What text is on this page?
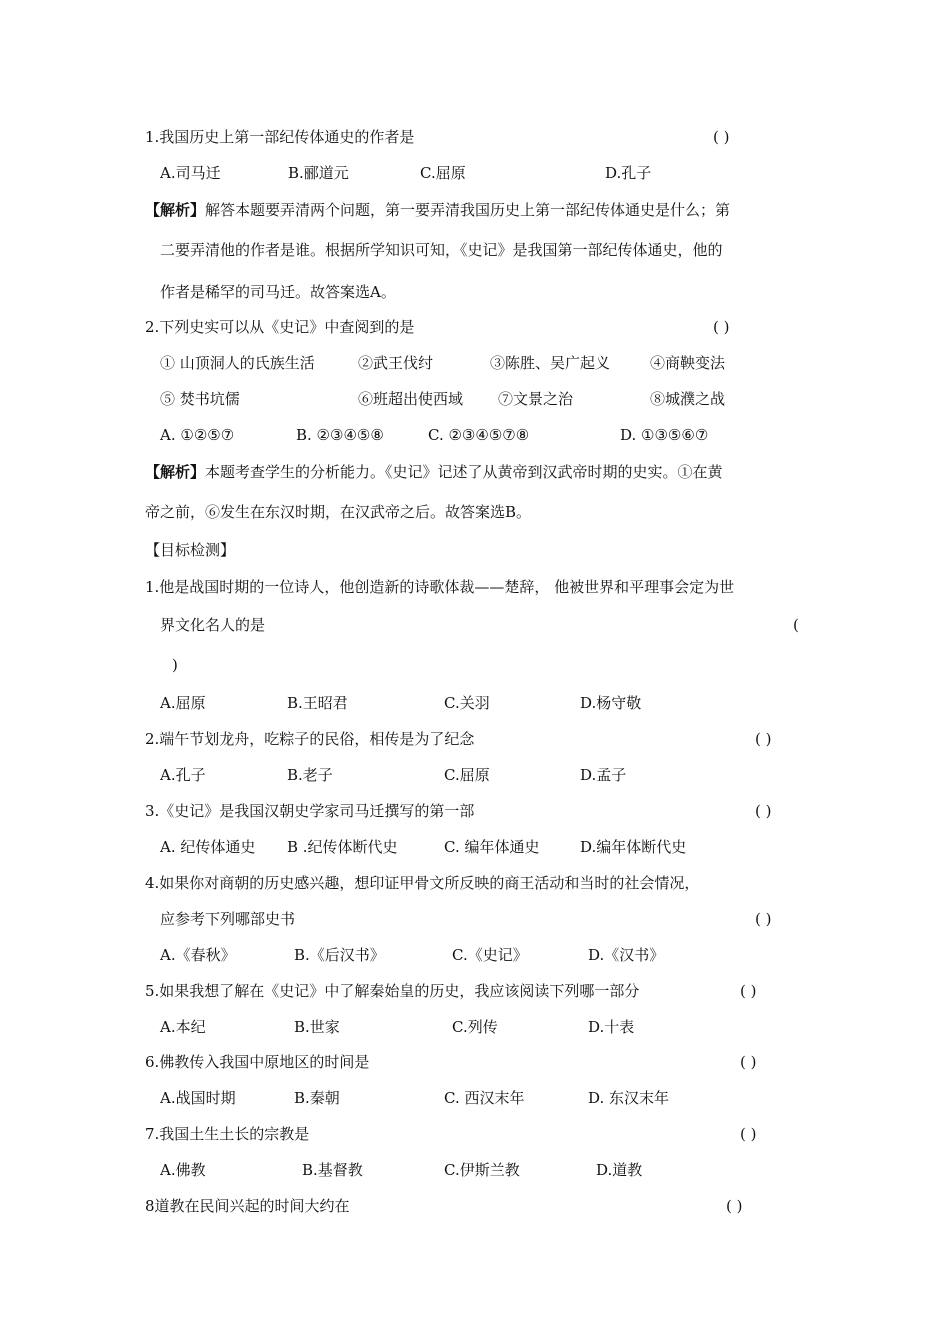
1.我国历史上第一部纪传体通史的作者是	( )
A.司马迁	B.郦道元	C.屈原	D.孔子
【解析】解答本题要弄清两个问题，第一要弄清我国历史上第一部纪传体通史是什么；第
二要弄清他的作者是谁。根据所学知识可知，《史记》是我国第一部纪传体通史，他的
作者是稀罕的司马迁。故答案选A。
2.下列史实可以从《史记》中查阅到的是	( )
① 山顶洞人的氏族生活	②武王伐纣	③陈胜、吴广起义	④商鞅变法
⑤ 焚书坑儒	⑥班超出使西域 ⑦文景之治	⑧城濮之战
A. ①②⑤⑦	B. ②③④⑤⑧	C. ②③④⑤⑦⑧	D. ①③⑤⑥⑦
【解析】本题考查学生的分析能力。《史记》记述了从黄帝到汉武帝时期的史实。①在黄
帝之前，⑥发生在东汉时期，在汉武帝之后。故答案选B。
【目标检测】
1.他是战国时期的一位诗人，他创造新的诗歌体裁——楚辞， 他被世界和平理事会定为世
界文化名人的是	(
)
A.屈原	B.王昭君	C.关羽	D.杨守敬
2.端午节划龙舟，吃粽子的民俗，相传是为了纪念	( )
A.孔子	B.老子	C.屈原	D.孟子
3.《史记》是我国汉朝史学家司马迁撰写的第一部	( )
A. 纪传体通史 B .纪传体断代史	C. 编年体通史	D.编年体断代史
4.如果你对商朝的历史感兴趣，想印证甲骨文所反映的商王活动和当时的社会情况，
应参考下列哪部史书	( )
A.《春秋》	B.《后汉书》	C.《史记》	D.《汉书》
5.如果我想了解在《史记》中了解秦始皇的历史，我应该阅读下列哪一部分	( )
A.本纪	B.世家	C.列传	D.十表
6.佛教传入我国中原地区的时间是	( )
A.战国时期	B.秦朝	C. 西汉末年	D. 东汉末年
7.我国土生土长的宗教是	( )
A.佛教	B.基督教	C.伊斯兰教	D.道教
8道教在民间兴起的时间大约在	( )
